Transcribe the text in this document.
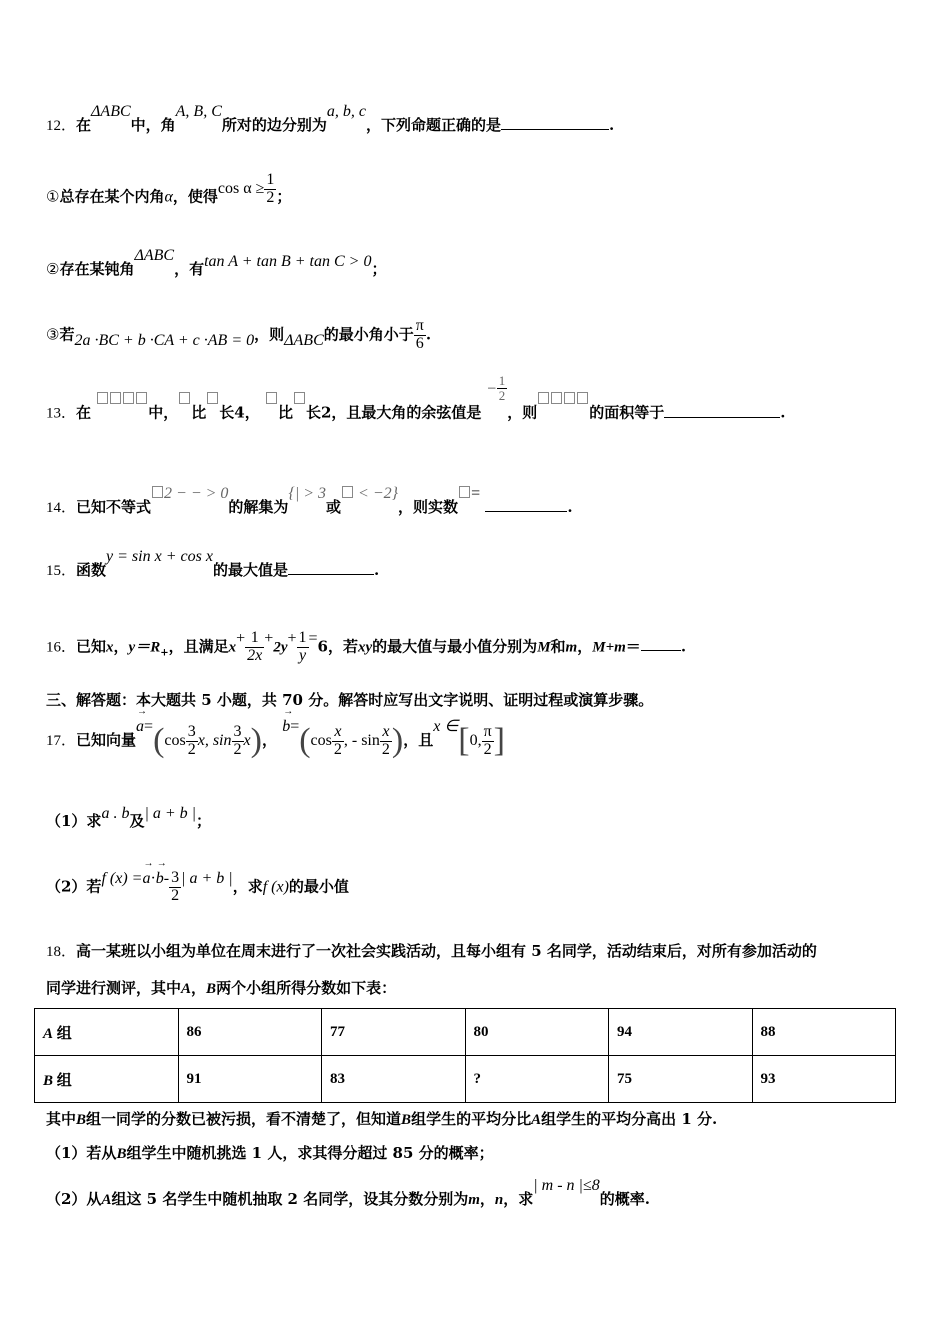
12．在ΔABC中，角A, B, C所对的边分别为a, b, c，下列命题正确的是	.
①总存在某个内角α，使得$\cos \alpha \ge \frac{1}{2}$ ；
②存在某钝角ΔABC，有tan A + tan B + tan C > 0；
③若2a ·BC + b ·CA + c ·AB = 0，则ΔABC的最小角小于 $\frac{\pi}{6}$ .
13．在	中， 比 长4， 比 长2，且最大角的余弦值是 $^{- \frac{1}{2}}$
，则	的面积等于	.
14．已知不等式2 − − > 0的解集为{| > 3或 < −2}，则实数= .
15．函数y = sin x + cos x的最大值是	.
16．已知x，$y=R_+$，且满足$x+ \frac{1}{2x} +2y+ \frac{1}{y} =6$，若xy的最大值与最小值分别为M和m，M+m＝	.
三、解答题：本大题共 5 小题，共 70 分。解答时应写出文字说明、证明过程或演算步骤。
17．已知向量→ $a=(\cos \frac{3}{2} x$, $\sin \frac{3}{2} x$)， → $b=(\cos \frac{x}{2}$ , - $\sin \frac{x}{2}$ )，且x ∈[0, $\frac{\pi}{2}$ ]
（1）求a . b及| a + b |；
（2）若f $(x) =\to a\cdot\to b- \frac{3}{2}$ | a + b |，求f (x)的最小值
18．高一某班以小组为单位在周末进行了一次社会实践活动，且每小组有 5 名同学，活动结束后，对所有参加活动的
同学进行测评，其中A，B两个小组所得分数如下表：
A 组	86	77	80	94	88
B 组	91	83	?	75	93
其中B组一同学的分数已被污损，看不清楚了，但知道B组学生的平均分比A组学生的平均分高出 1 分.
（1）若从B组学生中随机挑选 1 人，求其得分超过 85 分的概率；
（2）从A组这 5 名学生中随机抽取 2 名同学，设其分数分别为m，n，求| m - n |≤8的概率.
